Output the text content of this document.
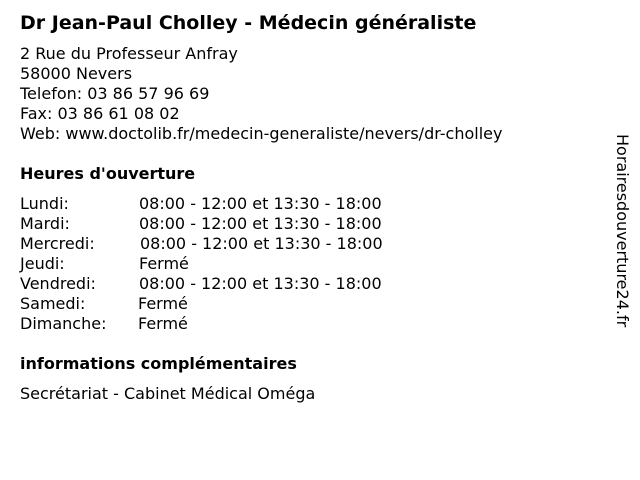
Dr Jean-Paul Cholley - Médecin généraliste
2 Rue du Professeur Anfray
58000 Nevers
Telefon: 03 86 57 96 69
Fax: 03 86 61 08 02
Web: www.doctolib.fr/medecin-generaliste/nevers/dr-cholley
Heures d'ouverture
Lundi:	08:00 - 12:00 et 13:30 - 18:00
Mardi:	08:00 - 12:00 et 13:30 - 18:00
Mercredi:	08:00 - 12:00 et 13:30 - 18:00
Jeudi:	Fermé
Vendredi:	08:00 - 12:00 et 13:30 - 18:00
Samedi:	Fermé
Dimanche: Fermé
informations complémentaires
Secrétariat - Cabinet Médical Oméga
Horairesdouverture24.fr
